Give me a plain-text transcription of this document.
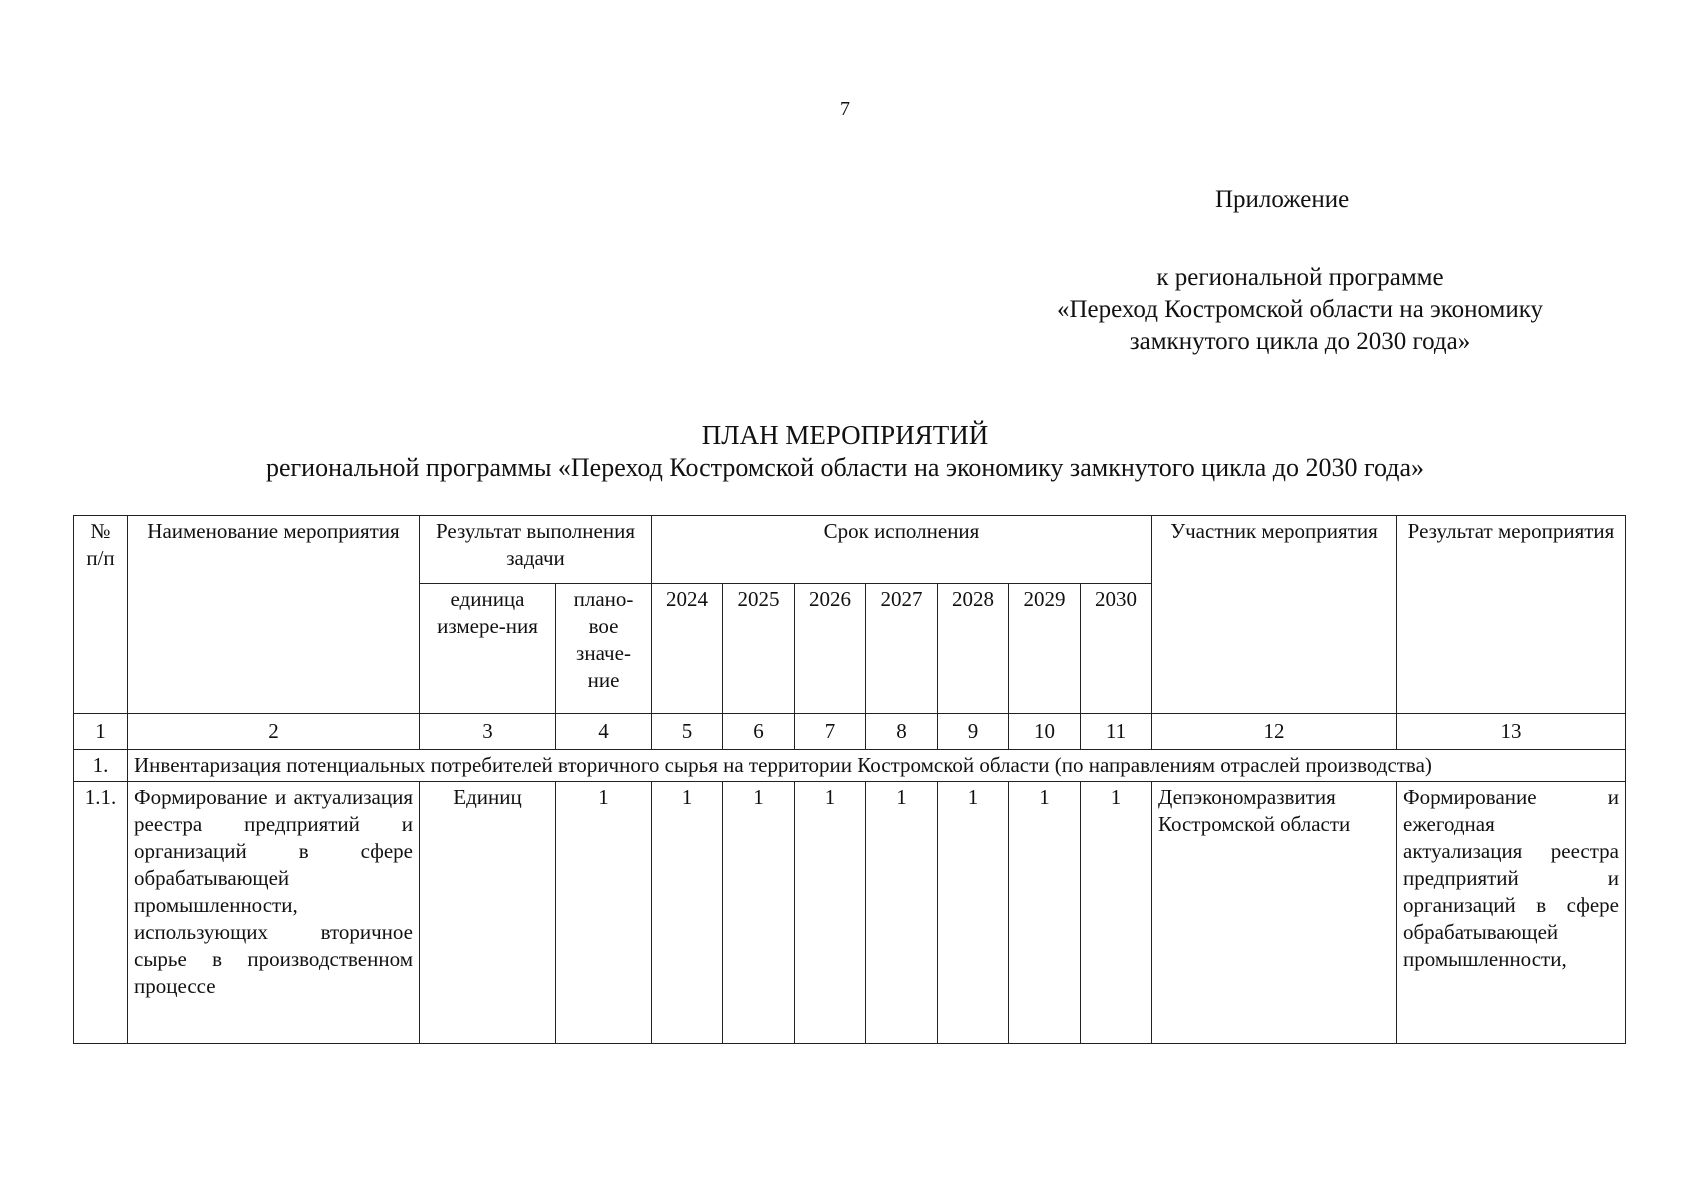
7
Приложение
к региональной программе
«Переход Костромской области на экономику
замкнутого цикла до 2030 года»
ПЛАН МЕРОПРИЯТИЙ
региональной программы «Переход Костромской области на экономику замкнутого цикла до 2030 года»
№ п/п	Наименование мероприятия	Результат выполнения задачи		Срок исполнения							Участник мероприятия	Результат мероприятия
		единица измере-ния	плано-вое значе-ние	2024	2025	2026	2027	2028	2029	2030		
1	2	3	4	5	6	7	8	9	10	11	12	13
1.	Инвентаризация потенциальных потребителей вторичного сырья на территории Костромской области (по направлениям отраслей производства)											
1.1.	Формирование и актуализация реестра предприятий и организаций в сфере обрабатывающей промышленности, использующих вторичное сырье в производственном процессе	Единиц	1	1	1	1	1	1	1	1	Депэкономразвития Костромской области	Формирование и ежегодная актуализация реестра предприятий и организаций в сфере обрабатывающей промышленности,
